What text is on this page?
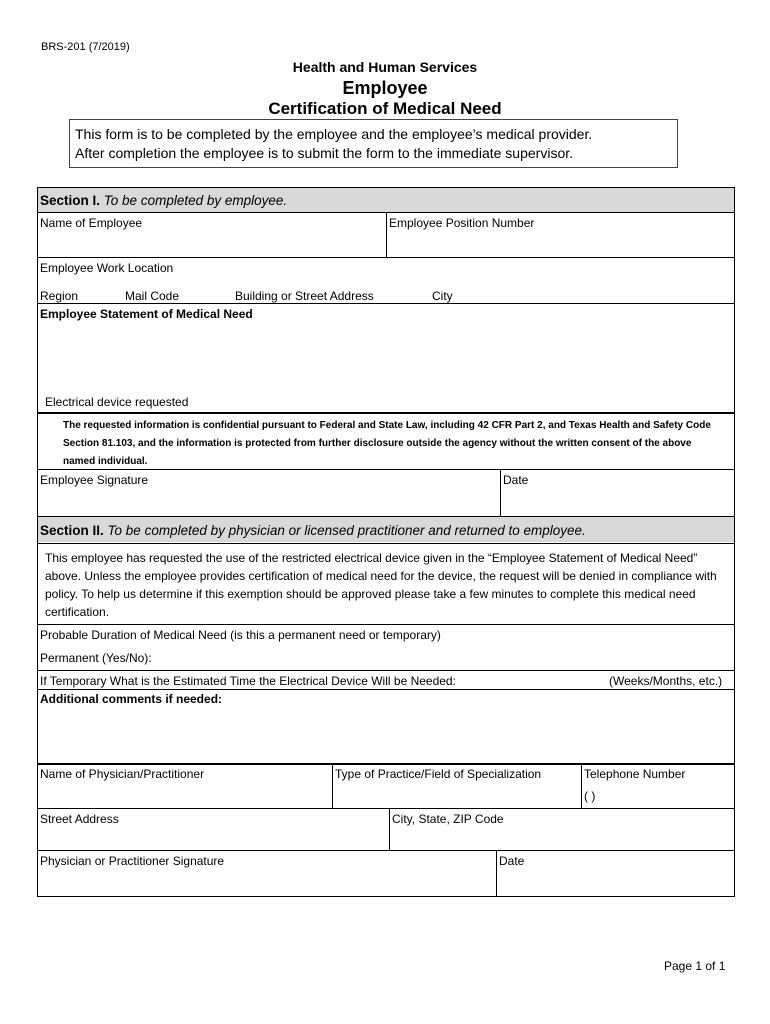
BRS-201 (7/2019)
Health and Human Services
Employee
Certification of Medical Need
This form is to be completed by the employee and the employee’s medical provider.
After completion the employee is to submit the form to the immediate supervisor.
Section I. To be completed by employee.
Name of Employee	Employee Position Number
Employee Work Location
Region	Mail Code	Building or Street Address	City
Employee Statement of Medical Need
Electrical device requested
The requested information is confidential pursuant to Federal and State Law, including 42 CFR Part 2, and Texas Health and Safety Code Section 81.103, and the information is protected from further disclosure outside the agency without the written consent of the above named individual.
Employee Signature	Date
Section II. To be completed by physician or licensed practitioner and returned to employee.
This employee has requested the use of the restricted electrical device given in the “Employee Statement of Medical Need” above. Unless the employee provides certification of medical need for the device, the request will be denied in compliance with policy. To help us determine if this exemption should be approved please take a few minutes to complete this medical need certification.
Probable Duration of Medical Need (is this a permanent need or temporary)
Permanent (Yes/No):
If Temporary What is the Estimated Time the Electrical Device Will be Needed:	(Weeks/Months, etc.)
Additional comments if needed:
Name of Physician/Practitioner	Type of Practice/Field of Specialization	Telephone Number
( )
Street Address	City, State, ZIP Code
Physician or Practitioner Signature	Date
Page 1 of 1
